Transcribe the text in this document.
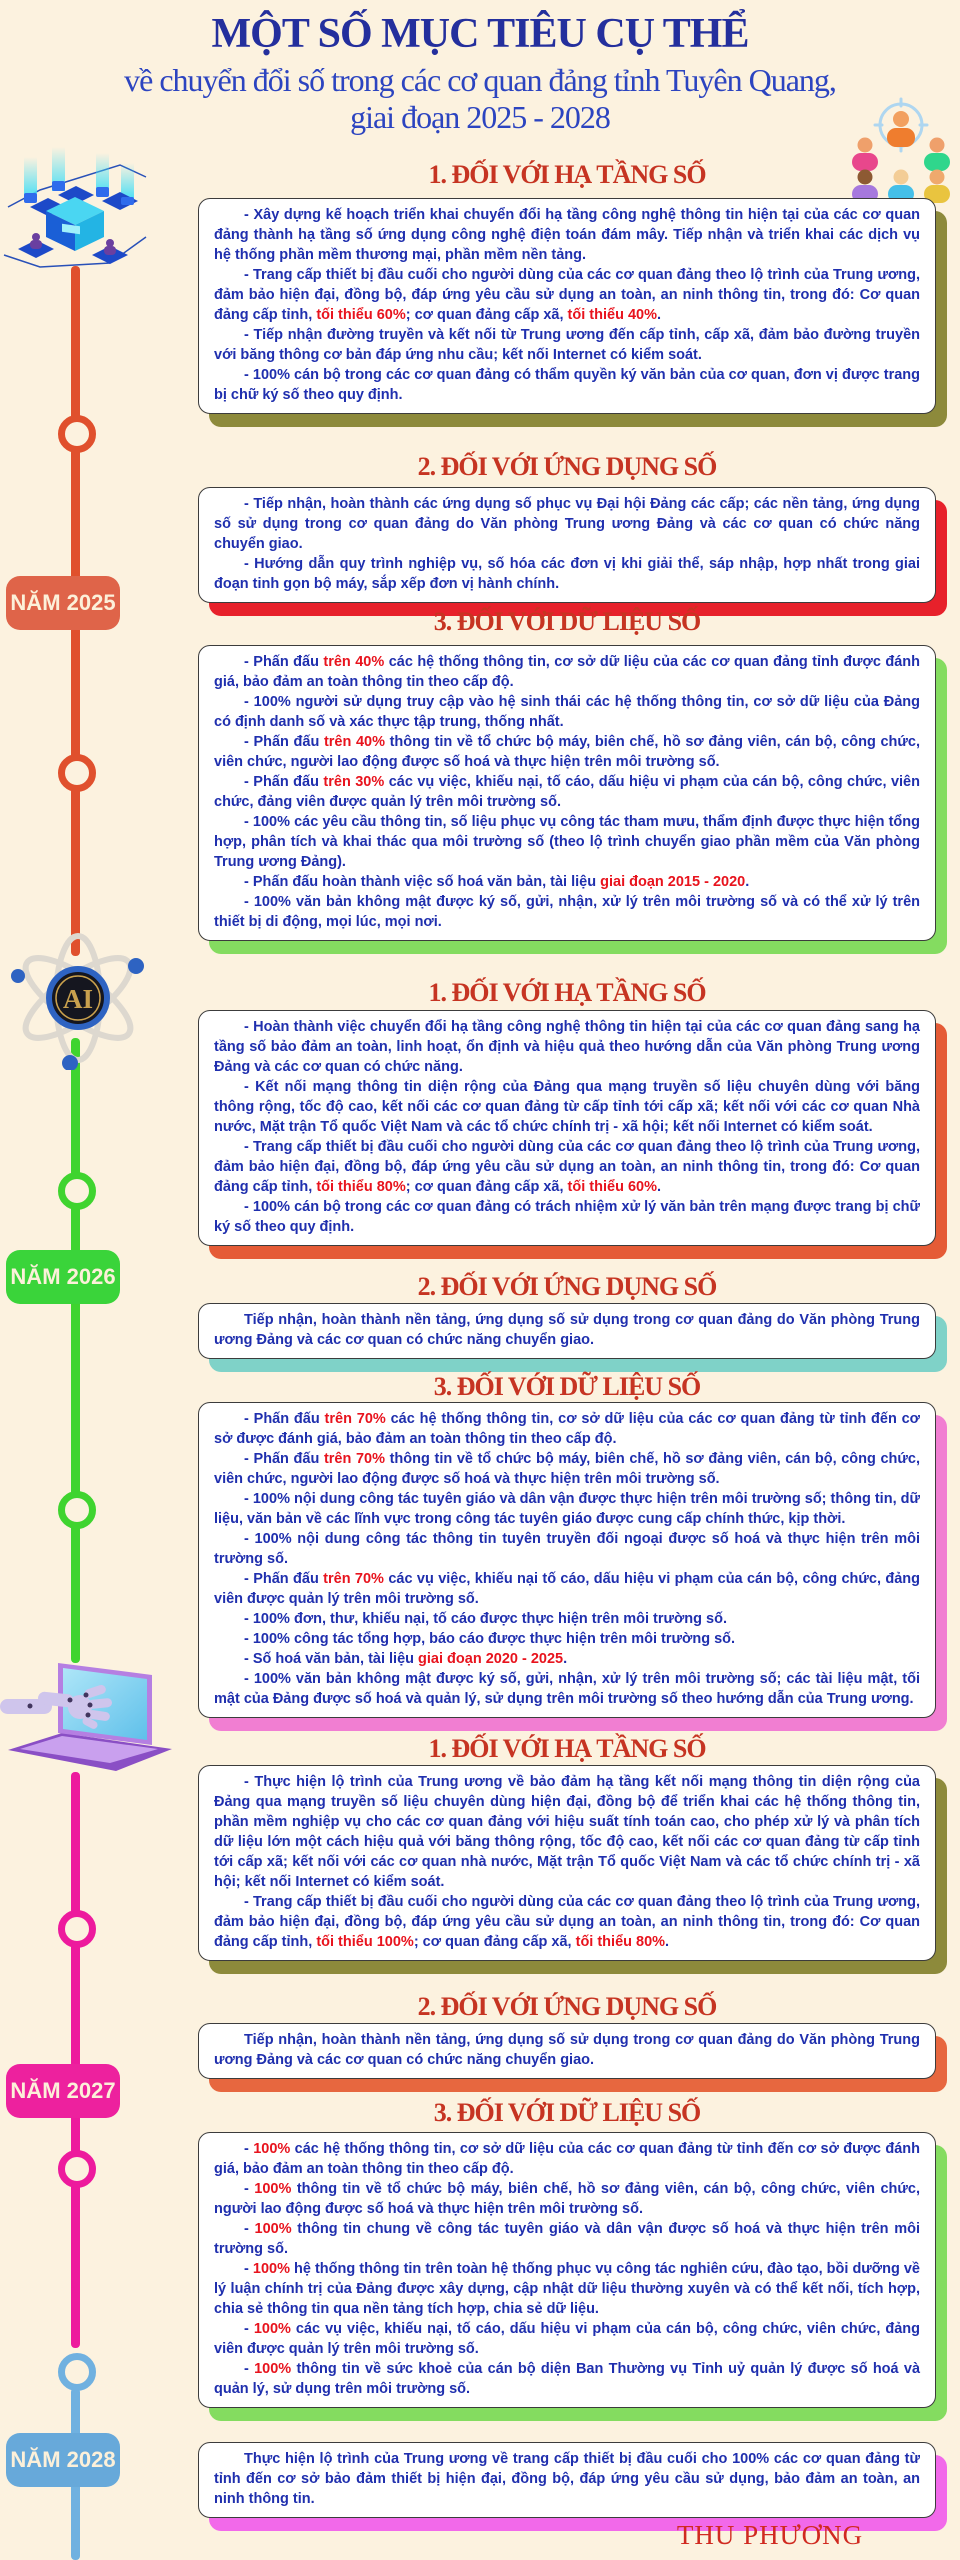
MỘT SỐ MỤC TIÊU CỤ THỂ
về chuyển đổi số trong các cơ quan đảng tỉnh Tuyên Quang,
giai đoạn 2025 - 2028
NĂM 2025
NĂM 2026
NĂM 2027
NĂM 2028
AI
1. ĐỐI VỚI HẠ TẦNG SỐ

- Xây dựng kế hoạch triển khai chuyển đổi hạ tầng công nghệ thông tin hiện tại của các cơ quan đảng thành hạ tầng số ứng dụng công nghệ điện toán đám mây. Tiếp nhận và triển khai các dịch vụ hệ thống phần mềm thương mại, phần mềm nền tảng.

- Trang cấp thiết bị đầu cuối cho người dùng của các cơ quan đảng theo lộ trình của Trung ương, đảm bảo hiện đại, đồng bộ, đáp ứng yêu cầu sử dụng an toàn, an ninh thông tin, trong đó: Cơ quan đảng cấp tỉnh, tối thiểu 60%; cơ quan đảng cấp xã, tối thiểu 40%.

- Tiếp nhận đường truyền và kết nối từ Trung ương đến cấp tỉnh, cấp xã, đảm bảo đường truyền với băng thông cơ bản đáp ứng nhu cầu; kết nối Internet có kiểm soát.

- 100% cán bộ trong các cơ quan đảng có thẩm quyền ký văn bản của cơ quan, đơn vị được trang bị chữ ký số theo quy định.

2. ĐỐI VỚI ỨNG DỤNG SỐ

- Tiếp nhận, hoàn thành các ứng dụng số phục vụ Đại hội Đảng các cấp; các nền tảng, ứng dụng số sử dụng trong cơ quan đảng do Văn phòng Trung ương Đảng và các cơ quan có chức năng chuyển giao.

- Hướng dẫn quy trình nghiệp vụ, số hóa các đơn vị khi giải thể, sáp nhập, hợp nhất trong giai đoạn tinh gọn bộ máy, sắp xếp đơn vị hành chính.

3. ĐỐI VỚI DỮ LIỆU SỐ

- Phấn đấu trên 40% các hệ thống thông tin, cơ sở dữ liệu của các cơ quan đảng tỉnh được đánh giá, bảo đảm an toàn thông tin theo cấp độ.

- 100% người sử dụng truy cập vào hệ sinh thái các hệ thống thông tin, cơ sở dữ liệu của Đảng có định danh số và xác thực tập trung, thống nhất.

- Phấn đấu trên 40% thông tin về tổ chức bộ máy, biên chế, hồ sơ đảng viên, cán bộ, công chức, viên chức, người lao động được số hoá và thực hiện trên môi trường số.

- Phấn đấu trên 30% các vụ việc, khiếu nại, tố cáo, dấu hiệu vi phạm của cán bộ, công chức, viên chức, đảng viên được quản lý trên môi trường số.

- 100% các yêu cầu thông tin, số liệu phục vụ công tác tham mưu, thẩm định được thực hiện tổng hợp, phân tích và khai thác qua môi trường số (theo lộ trình chuyển giao phần mềm của Văn phòng Trung ương Đảng).

- Phấn đấu hoàn thành việc số hoá văn bản, tài liệu giai đoạn 2015 - 2020.

- 100% văn bản không mật được ký số, gửi, nhận, xử lý trên môi trường số và có thể xử lý trên thiết bị di động, mọi lúc, mọi nơi.

1. ĐỐI VỚI HẠ TẦNG SỐ

- Hoàn thành việc chuyển đổi hạ tầng công nghệ thông tin hiện tại của các cơ quan đảng sang hạ tầng số bảo đảm an toàn, linh hoạt, ổn định và hiệu quả theo hướng dẫn của Văn phòng Trung ương Đảng và các cơ quan có chức năng.

- Kết nối mạng thông tin diện rộng của Đảng qua mạng truyền số liệu chuyên dùng với băng thông rộng, tốc độ cao, kết nối các cơ quan đảng từ cấp tỉnh tới cấp xã; kết nối với các cơ quan Nhà nước, Mặt trận Tổ quốc Việt Nam và các tổ chức chính trị - xã hội; kết nối Internet có kiểm soát.

- Trang cấp thiết bị đầu cuối cho người dùng của các cơ quan đảng theo lộ trình của Trung ương, đảm bảo hiện đại, đồng bộ, đáp ứng yêu cầu sử dụng an toàn, an ninh thông tin, trong đó: Cơ quan đảng cấp tỉnh, tối thiểu 80%; cơ quan đảng cấp xã, tối thiểu 60%.

- 100% cán bộ trong các cơ quan đảng có trách nhiệm xử lý văn bản trên mạng được trang bị chữ ký số theo quy định.

2. ĐỐI VỚI ỨNG DỤNG SỐ

Tiếp nhận, hoàn thành nền tảng, ứng dụng số sử dụng trong cơ quan đảng do Văn phòng Trung ương Đảng và các cơ quan có chức năng chuyển giao.

3. ĐỐI VỚI DỮ LIỆU SỐ

- Phấn đấu trên 70% các hệ thống thông tin, cơ sở dữ liệu của các cơ quan đảng từ tỉnh đến cơ sở được đánh giá, bảo đảm an toàn thông tin theo cấp độ.

- Phấn đấu trên 70% thông tin về tổ chức bộ máy, biên chế, hồ sơ đảng viên, cán bộ, công chức, viên chức, người lao động được số hoá và thực hiện trên môi trường số.

- 100% nội dung công tác tuyên giáo và dân vận được thực hiện trên môi trường số; thông tin, dữ liệu, văn bản về các lĩnh vực trong công tác tuyên giáo được cung cấp chính thức, kịp thời.

- 100% nội dung công tác thông tin tuyên truyền đối ngoại được số hoá và thực hiện trên môi trường số.

- Phấn đấu trên 70% các vụ việc, khiếu nại tố cáo, dấu hiệu vi phạm của cán bộ, công chức, đảng viên được quản lý trên môi trường số.

- 100% đơn, thư, khiếu nại, tố cáo được thực hiện trên môi trường số.

- 100% công tác tổng hợp, báo cáo được thực hiện trên môi trường số.

- Số hoá văn bản, tài liệu giai đoạn 2020 - 2025.

- 100% văn bản không mật được ký số, gửi, nhận, xử lý trên môi trường số; các tài liệu mật, tối mật của Đảng được số hoá và quản lý, sử dụng trên môi trường số theo hướng dẫn của Trung ương.

1. ĐỐI VỚI HẠ TẦNG SỐ

- Thực hiện lộ trình của Trung ương về bảo đảm hạ tầng kết nối mạng thông tin diện rộng của Đảng qua mạng truyền số liệu chuyên dùng hiện đại, đồng bộ để triển khai các hệ thống thông tin, phần mềm nghiệp vụ cho các cơ quan đảng với hiệu suất tính toán cao, cho phép xử lý và phân tích dữ liệu lớn một cách hiệu quả với băng thông rộng, tốc độ cao, kết nối các cơ quan đảng từ cấp tỉnh tới cấp xã; kết nối với các cơ quan nhà nước, Mặt trận Tổ quốc Việt Nam và các tổ chức chính trị - xã hội; kết nối Internet có kiểm soát.

- Trang cấp thiết bị đầu cuối cho người dùng của các cơ quan đảng theo lộ trình của Trung ương, đảm bảo hiện đại, đồng bộ, đáp ứng yêu cầu sử dụng an toàn, an ninh thông tin, trong đó: Cơ quan đảng cấp tỉnh, tối thiểu 100%; cơ quan đảng cấp xã, tối thiểu 80%.

2. ĐỐI VỚI ỨNG DỤNG SỐ

Tiếp nhận, hoàn thành nền tảng, ứng dụng số sử dụng trong cơ quan đảng do Văn phòng Trung ương Đảng và các cơ quan có chức năng chuyển giao.

3. ĐỐI VỚI DỮ LIỆU SỐ

- 100% các hệ thống thông tin, cơ sở dữ liệu của các cơ quan đảng từ tỉnh đến cơ sở được đánh giá, bảo đảm an toàn thông tin theo cấp độ.

- 100% thông tin về tổ chức bộ máy, biên chế, hồ sơ đảng viên, cán bộ, công chức, viên chức, người lao động được số hoá và thực hiện trên môi trường số.

- 100% thông tin chung về công tác tuyên giáo và dân vận được số hoá và thực hiện trên môi trường số.

- 100% hệ thống thông tin trên toàn hệ thống phục vụ công tác nghiên cứu, đào tạo, bồi dưỡng về lý luận chính trị của Đảng được xây dựng, cập nhật dữ liệu thường xuyên và có thể kết nối, tích hợp, chia sẻ thông tin qua nền tảng tích hợp, chia sẻ dữ liệu.

- 100% các vụ việc, khiếu nại, tố cáo, dấu hiệu vi phạm của cán bộ, công chức, viên chức, đảng viên được quản lý trên môi trường số.

- 100% thông tin về sức khoẻ của cán bộ diện Ban Thường vụ Tỉnh uỷ quản lý được số hoá và quản lý, sử dụng trên môi trường số.

Thực hiện lộ trình của Trung ương về trang cấp thiết bị đầu cuối cho 100% các cơ quan đảng từ tỉnh đến cơ sở bảo đảm thiết bị hiện đại, đồng bộ, đáp ứng yêu cầu sử dụng, bảo đảm an toàn, an ninh thông tin.

THU PHƯƠNG
